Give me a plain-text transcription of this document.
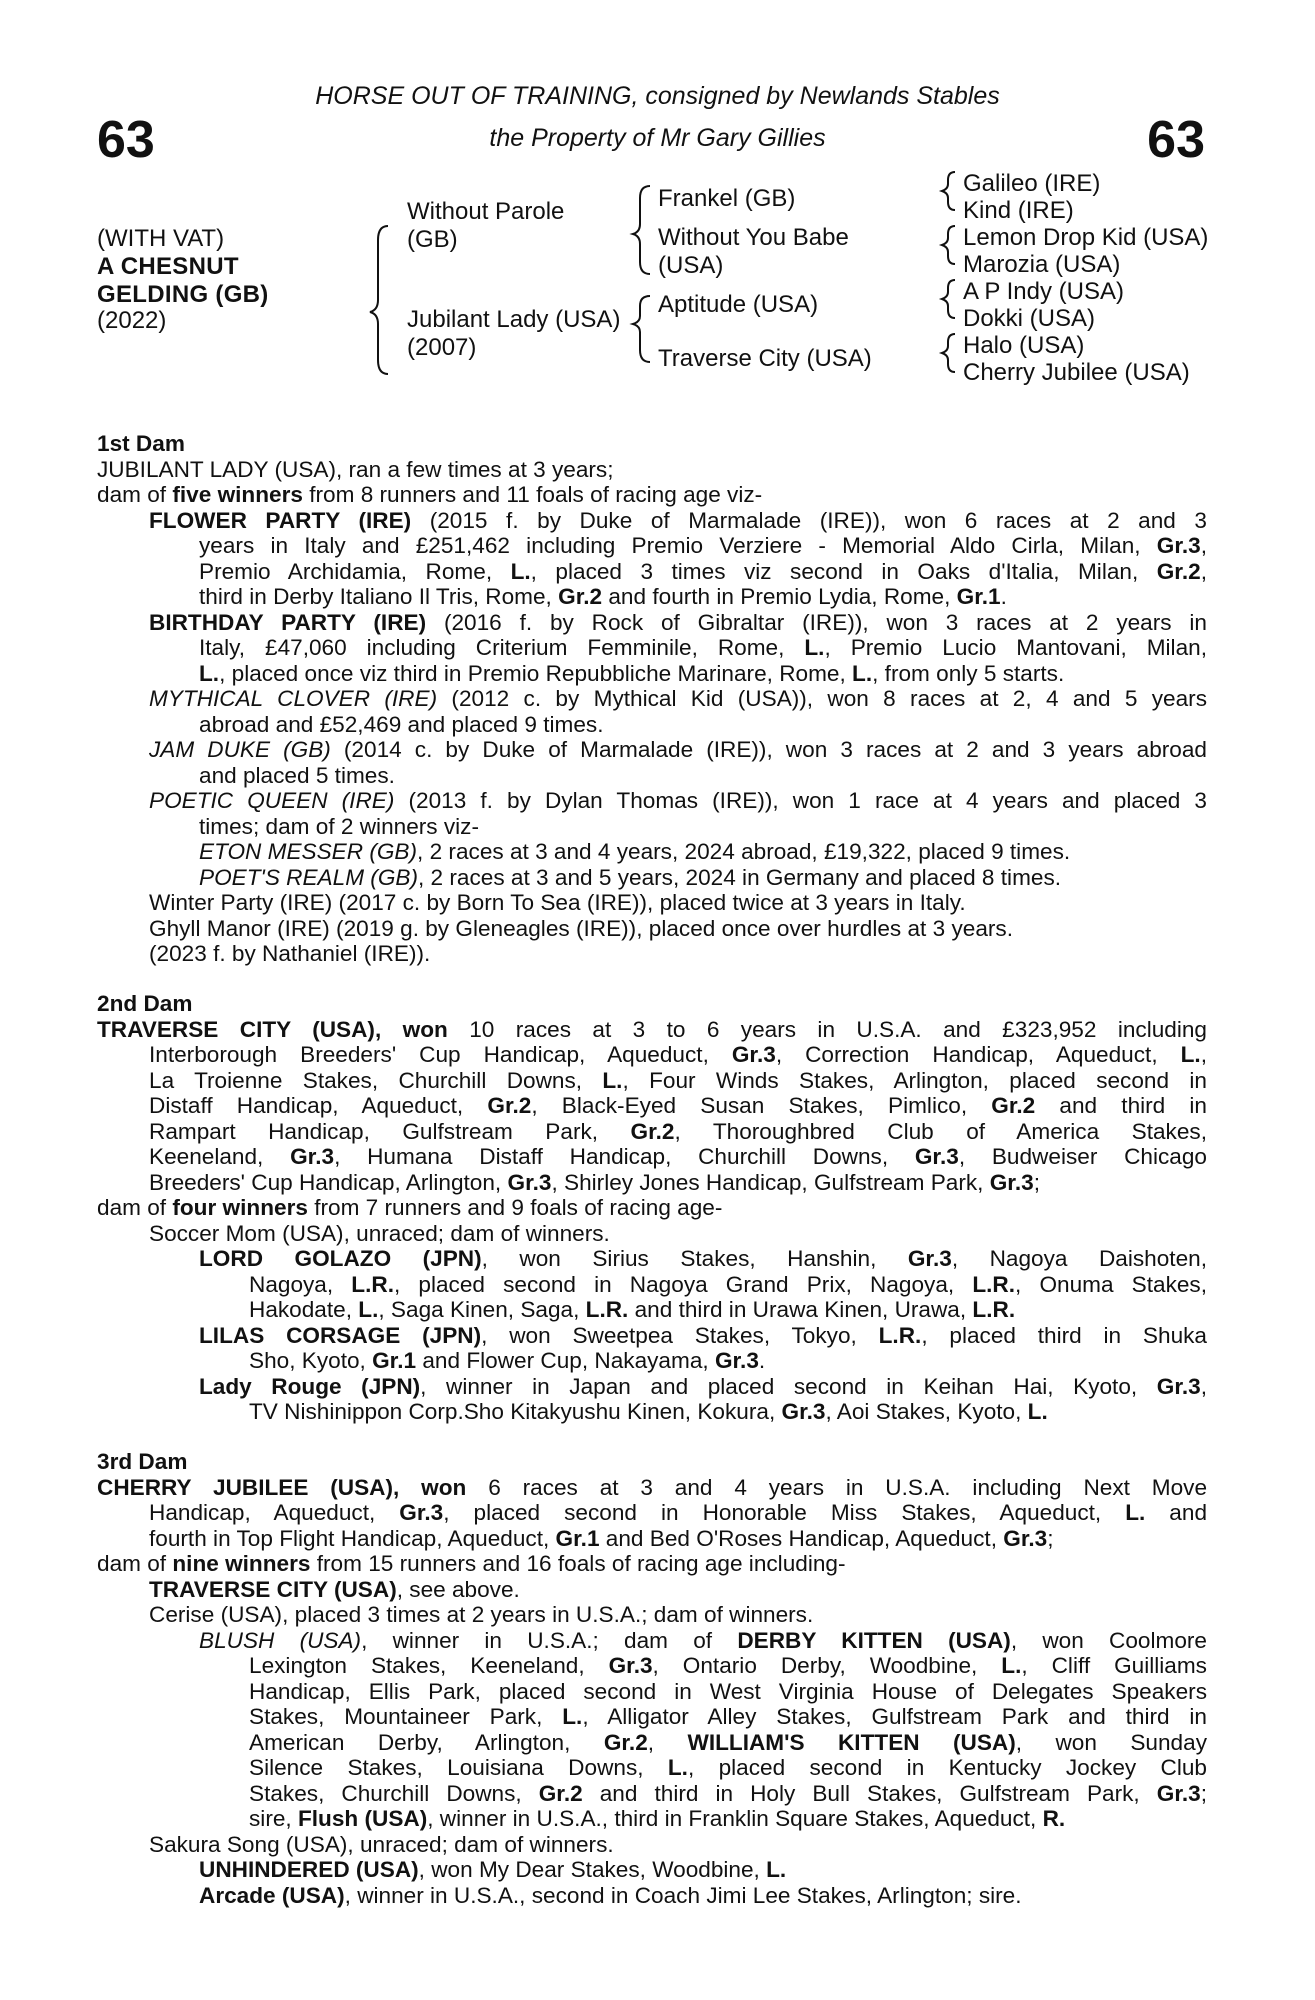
63	63
HORSE OUT OF TRAINING, consigned by Newlands Stables
the Property of Mr Gary Gillies
(WITH VAT)
A CHESNUT
GELDING (GB)
(2022)
Without Parole
(GB)
Jubilant Lady (USA)
(2007)
Frankel (GB)
Without You Babe
(USA)
Aptitude (USA)
Traverse City (USA)
Galileo (IRE)
Kind (IRE)
Lemon Drop Kid (USA)
Marozia (USA)
A P Indy (USA)
Dokki (USA)
Halo (USA)
Cherry Jubilee (USA)
1st Dam
JUBILANT LADY (USA), ran a few times at 3 years;
dam of five winners from 8 runners and 11 foals of racing age viz-
FLOWER PARTY (IRE) (2015 f. by Duke of Marmalade (IRE)), won 6 races at 2 and 3
years in Italy and £251,462 including Premio Verziere - Memorial Aldo Cirla, Milan, Gr.3,
Premio Archidamia, Rome, L., placed 3 times viz second in Oaks d'Italia, Milan, Gr.2,
third in Derby Italiano Il Tris, Rome, Gr.2 and fourth in Premio Lydia, Rome, Gr.1.
BIRTHDAY PARTY (IRE) (2016 f. by Rock of Gibraltar (IRE)), won 3 races at 2 years in
Italy, £47,060 including Criterium Femminile, Rome, L., Premio Lucio Mantovani, Milan,
L., placed once viz third in Premio Repubbliche Marinare, Rome, L., from only 5 starts.
MYTHICAL CLOVER (IRE) (2012 c. by Mythical Kid (USA)), won 8 races at 2, 4 and 5 years
abroad and £52,469 and placed 9 times.
JAM DUKE (GB) (2014 c. by Duke of Marmalade (IRE)), won 3 races at 2 and 3 years abroad
and placed 5 times.
POETIC QUEEN (IRE) (2013 f. by Dylan Thomas (IRE)), won 1 race at 4 years and placed 3
times; dam of 2 winners viz-
ETON MESSER (GB), 2 races at 3 and 4 years, 2024 abroad, £19,322, placed 9 times.
POET'S REALM (GB), 2 races at 3 and 5 years, 2024 in Germany and placed 8 times.
Winter Party (IRE) (2017 c. by Born To Sea (IRE)), placed twice at 3 years in Italy.
Ghyll Manor (IRE) (2019 g. by Gleneagles (IRE)), placed once over hurdles at 3 years.
(2023 f. by Nathaniel (IRE)).
2nd Dam
TRAVERSE CITY (USA), won 10 races at 3 to 6 years in U.S.A. and £323,952 including
Interborough Breeders' Cup Handicap, Aqueduct, Gr.3, Correction Handicap, Aqueduct, L.,
La Troienne Stakes, Churchill Downs, L., Four Winds Stakes, Arlington, placed second in
Distaff Handicap, Aqueduct, Gr.2, Black-Eyed Susan Stakes, Pimlico, Gr.2 and third in
Rampart Handicap, Gulfstream Park, Gr.2, Thoroughbred Club of America Stakes,
Keeneland, Gr.3, Humana Distaff Handicap, Churchill Downs, Gr.3, Budweiser Chicago
Breeders' Cup Handicap, Arlington, Gr.3, Shirley Jones Handicap, Gulfstream Park, Gr.3;
dam of four winners from 7 runners and 9 foals of racing age-
Soccer Mom (USA), unraced; dam of winners.
LORD GOLAZO (JPN), won Sirius Stakes, Hanshin, Gr.3, Nagoya Daishoten,
Nagoya, L.R., placed second in Nagoya Grand Prix, Nagoya, L.R., Onuma Stakes,
Hakodate, L., Saga Kinen, Saga, L.R. and third in Urawa Kinen, Urawa, L.R.
LILAS CORSAGE (JPN), won Sweetpea Stakes, Tokyo, L.R., placed third in Shuka
Sho, Kyoto, Gr.1 and Flower Cup, Nakayama, Gr.3.
Lady Rouge (JPN), winner in Japan and placed second in Keihan Hai, Kyoto, Gr.3,
TV Nishinippon Corp.Sho Kitakyushu Kinen, Kokura, Gr.3, Aoi Stakes, Kyoto, L.
3rd Dam
CHERRY JUBILEE (USA), won 6 races at 3 and 4 years in U.S.A. including Next Move
Handicap, Aqueduct, Gr.3, placed second in Honorable Miss Stakes, Aqueduct, L. and
fourth in Top Flight Handicap, Aqueduct, Gr.1 and Bed O'Roses Handicap, Aqueduct, Gr.3;
dam of nine winners from 15 runners and 16 foals of racing age including-
TRAVERSE CITY (USA), see above.
Cerise (USA), placed 3 times at 2 years in U.S.A.; dam of winners.
BLUSH (USA), winner in U.S.A.; dam of DERBY KITTEN (USA), won Coolmore
Lexington Stakes, Keeneland, Gr.3, Ontario Derby, Woodbine, L., Cliff Guilliams
Handicap, Ellis Park, placed second in West Virginia House of Delegates Speakers
Stakes, Mountaineer Park, L., Alligator Alley Stakes, Gulfstream Park and third in
American Derby, Arlington, Gr.2, WILLIAM'S KITTEN (USA), won Sunday
Silence Stakes, Louisiana Downs, L., placed second in Kentucky Jockey Club
Stakes, Churchill Downs, Gr.2 and third in Holy Bull Stakes, Gulfstream Park, Gr.3;
sire, Flush (USA), winner in U.S.A., third in Franklin Square Stakes, Aqueduct, R.
Sakura Song (USA), unraced; dam of winners.
UNHINDERED (USA), won My Dear Stakes, Woodbine, L.
Arcade (USA), winner in U.S.A., second in Coach Jimi Lee Stakes, Arlington; sire.
